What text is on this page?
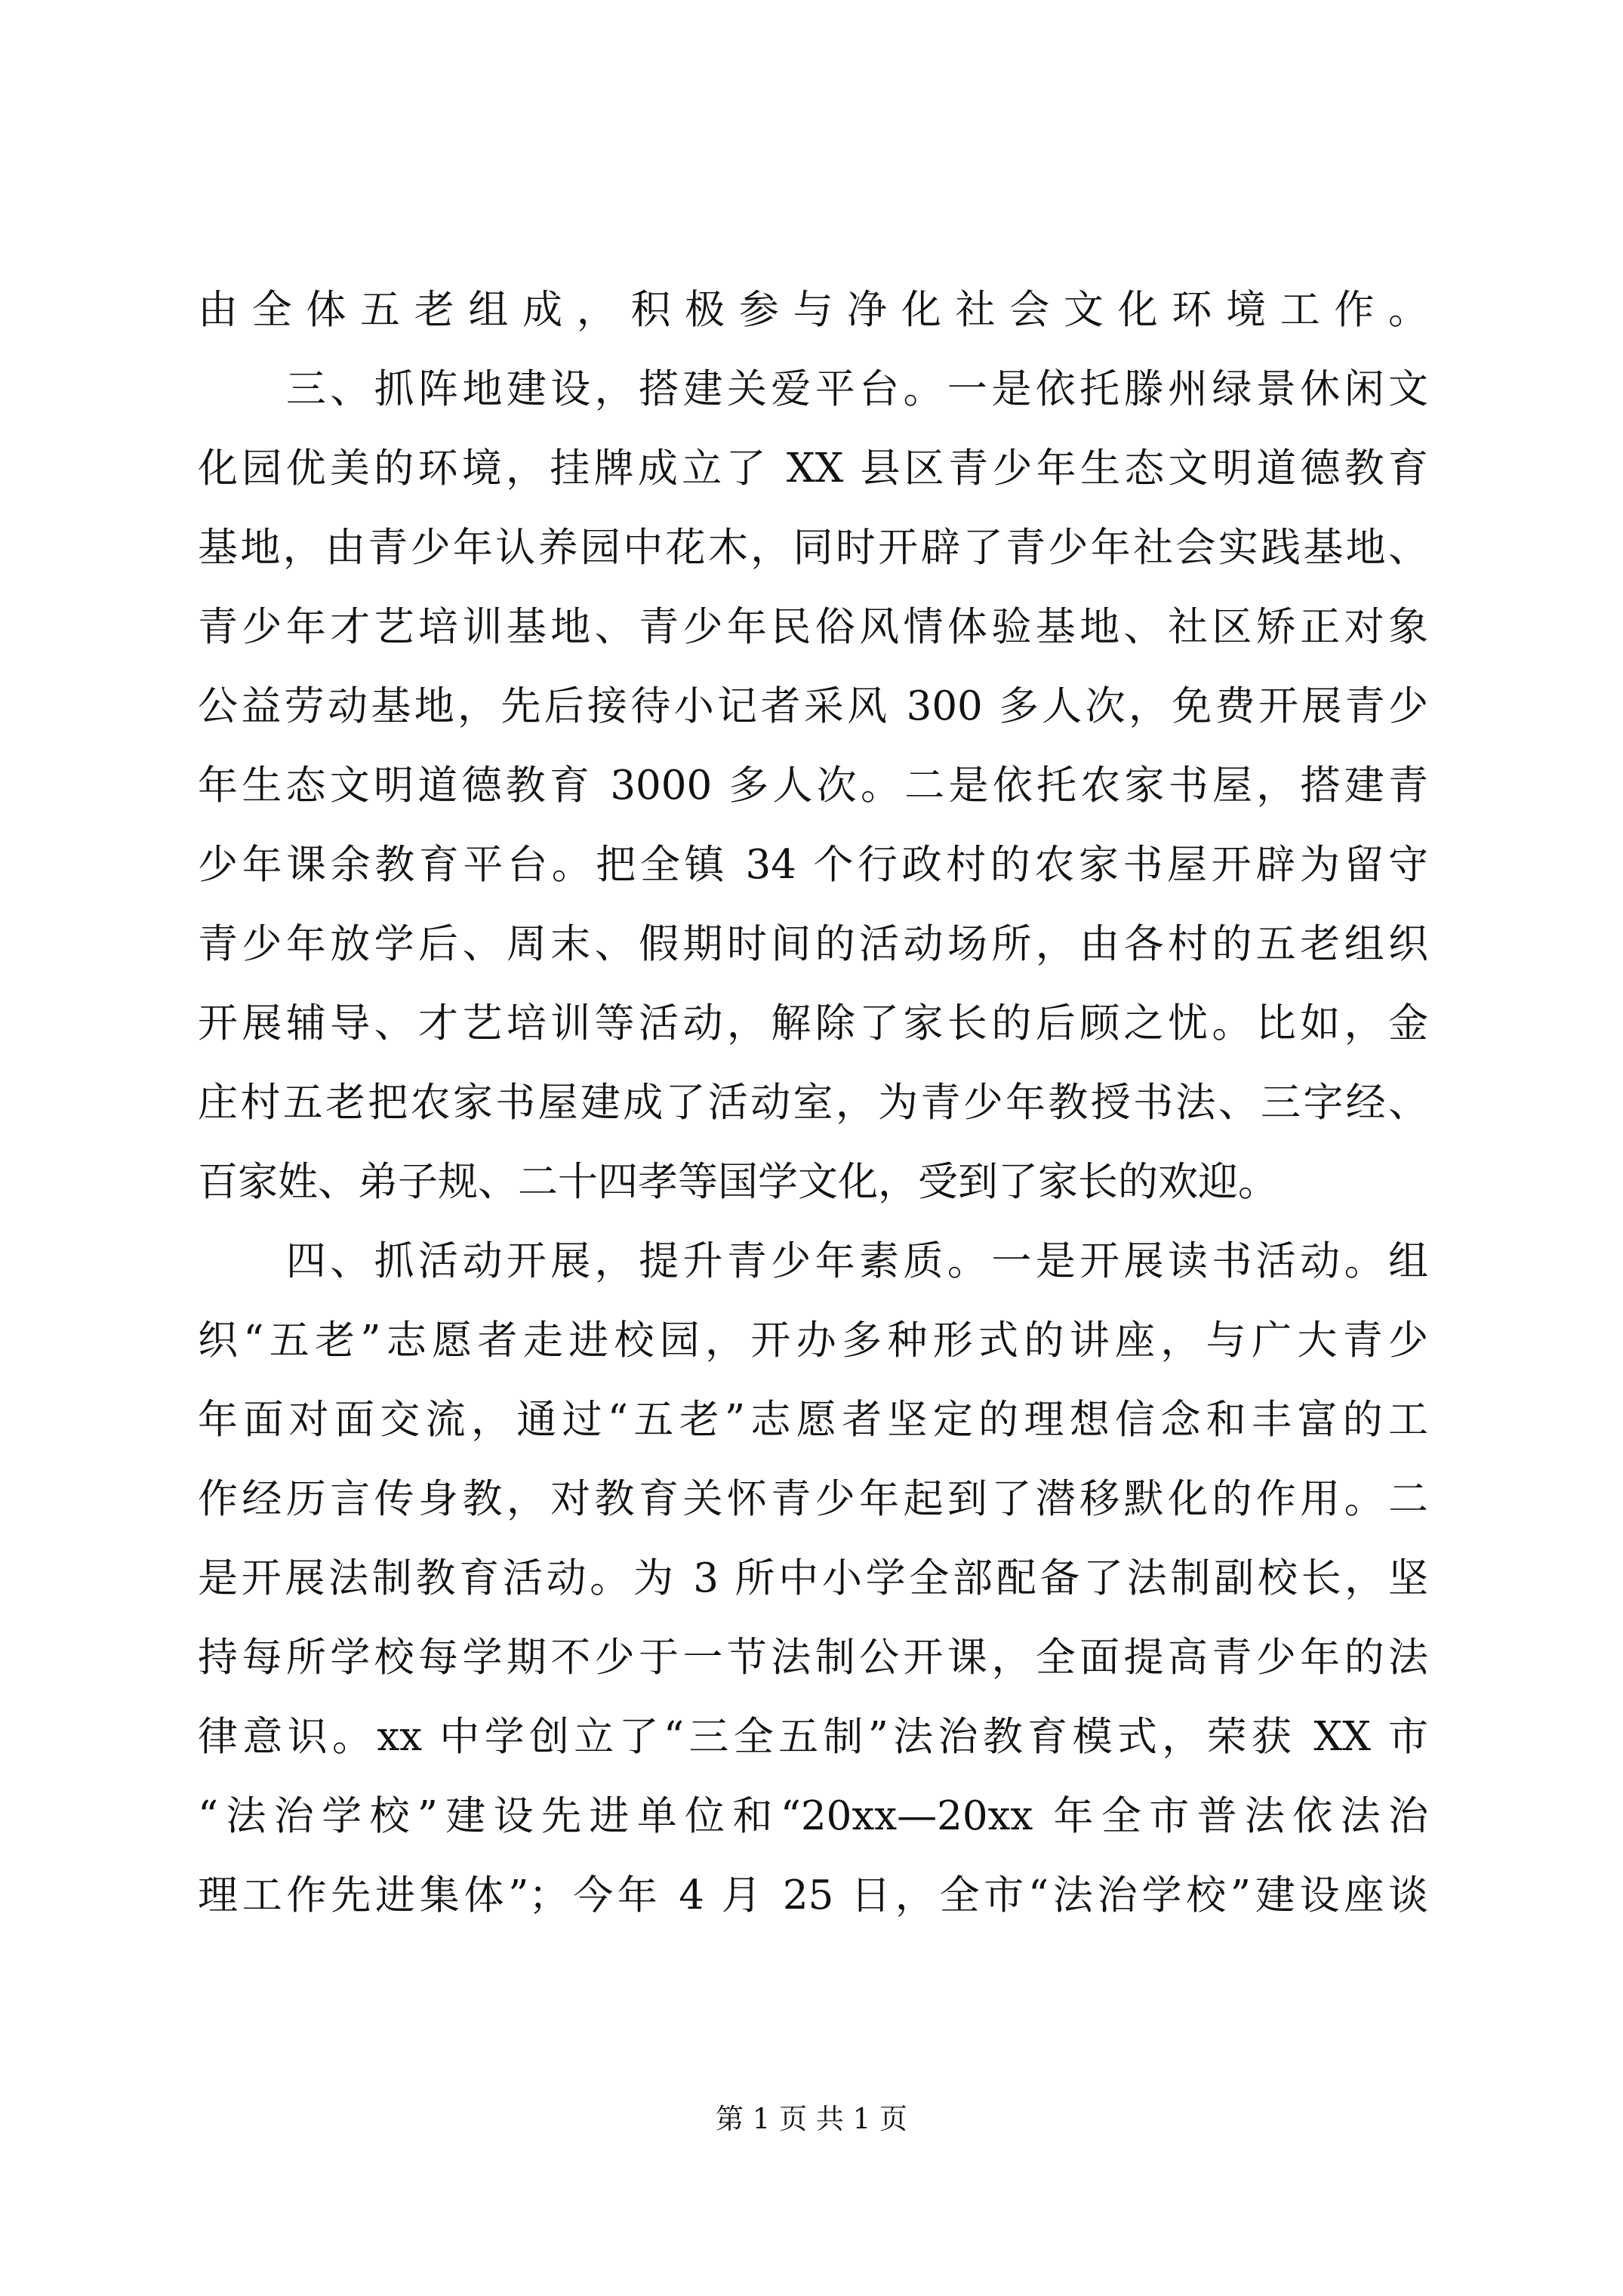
由全体五老组成，积极参与净化社会文化环境工作。
　　三、抓阵地建设，搭建关爱平台。一是依托滕州绿景休闲文
化园优美的环境，挂牌成立了 XX 县区青少年生态文明道德教育
基地，由青少年认养园中花木，同时开辟了青少年社会实践基地、
青少年才艺培训基地、青少年民俗风情体验基地、社区矫正对象
公益劳动基地，先后接待小记者采风 300 多人次，免费开展青少
年生态文明道德教育 3000 多人次。二是依托农家书屋，搭建青
少年课余教育平台。把全镇 34 个行政村的农家书屋开辟为留守
青少年放学后、周末、假期时间的活动场所，由各村的五老组织
开展辅导、才艺培训等活动，解除了家长的后顾之忧。比如，金
庄村五老把农家书屋建成了活动室，为青少年教授书法、三字经、
百家姓、弟子规、二十四孝等国学文化，受到了家长的欢迎。
　　四、抓活动开展，提升青少年素质。一是开展读书活动。组
织“五老”志愿者走进校园，开办多种形式的讲座，与广大青少
年面对面交流，通过“五老”志愿者坚定的理想信念和丰富的工
作经历言传身教，对教育关怀青少年起到了潜移默化的作用。二
是开展法制教育活动。为 3 所中小学全部配备了法制副校长，坚
持每所学校每学期不少于一节法制公开课，全面提高青少年的法
律意识。xx 中学创立了“三全五制”法治教育模式，荣获 XX 市
“法治学校”建设先进单位和“20xx—20xx 年全市普法依法治
理工作先进集体”；今年 4 月 25 日，全市“法治学校”建设座谈
第 1 页 共 1 页
